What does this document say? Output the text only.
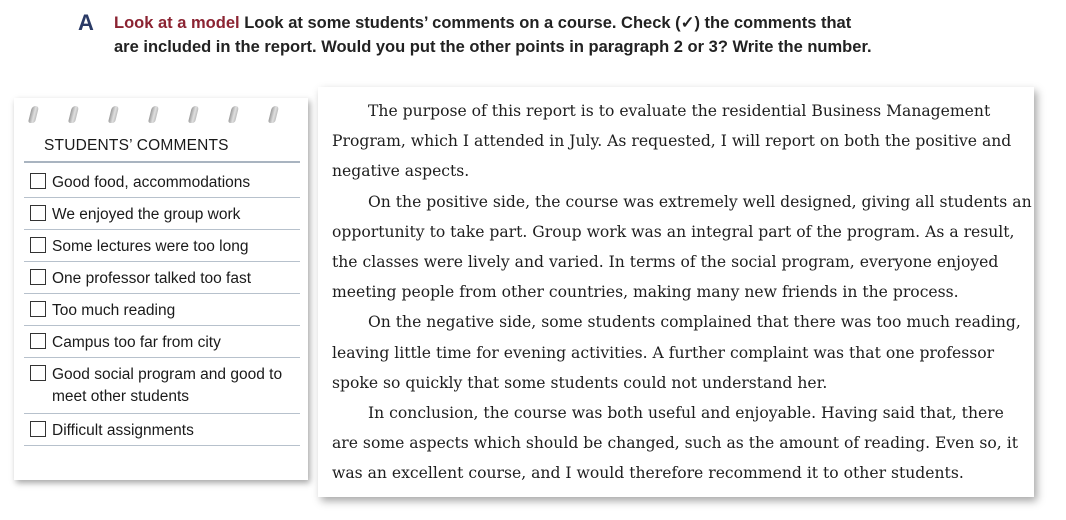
A Look at a model Look at some students’ comments on a course. Check (✓) the comments that
are included in the report. Would you put the other points in paragraph 2 or 3? Write the number.
STUDENTS’ COMMENTS
Good food, accommodations
We enjoyed the group work
Some lectures were too long
One professor talked too fast
Too much reading
Campus too far from city
Good social program and good to meet other students
Difficult assignments

The purpose of this report is to evaluate the residential Business Management Program, which I attended in July. As requested, I will report on both the positive and negative aspects.

On the positive side, the course was extremely well designed, giving all students an opportunity to take part. Group work was an integral part of the program. As a result, the classes were lively and varied. In terms of the social program, everyone enjoyed meeting people from other countries, making many new friends in the process.

On the negative side, some students complained that there was too much reading, leaving little time for evening activities. A further complaint was that one professor spoke so quickly that some students could not understand her.

In conclusion, the course was both useful and enjoyable. Having said that, there are some aspects which should be changed, such as the amount of reading. Even so, it was an excellent course, and I would therefore recommend it to other students.
